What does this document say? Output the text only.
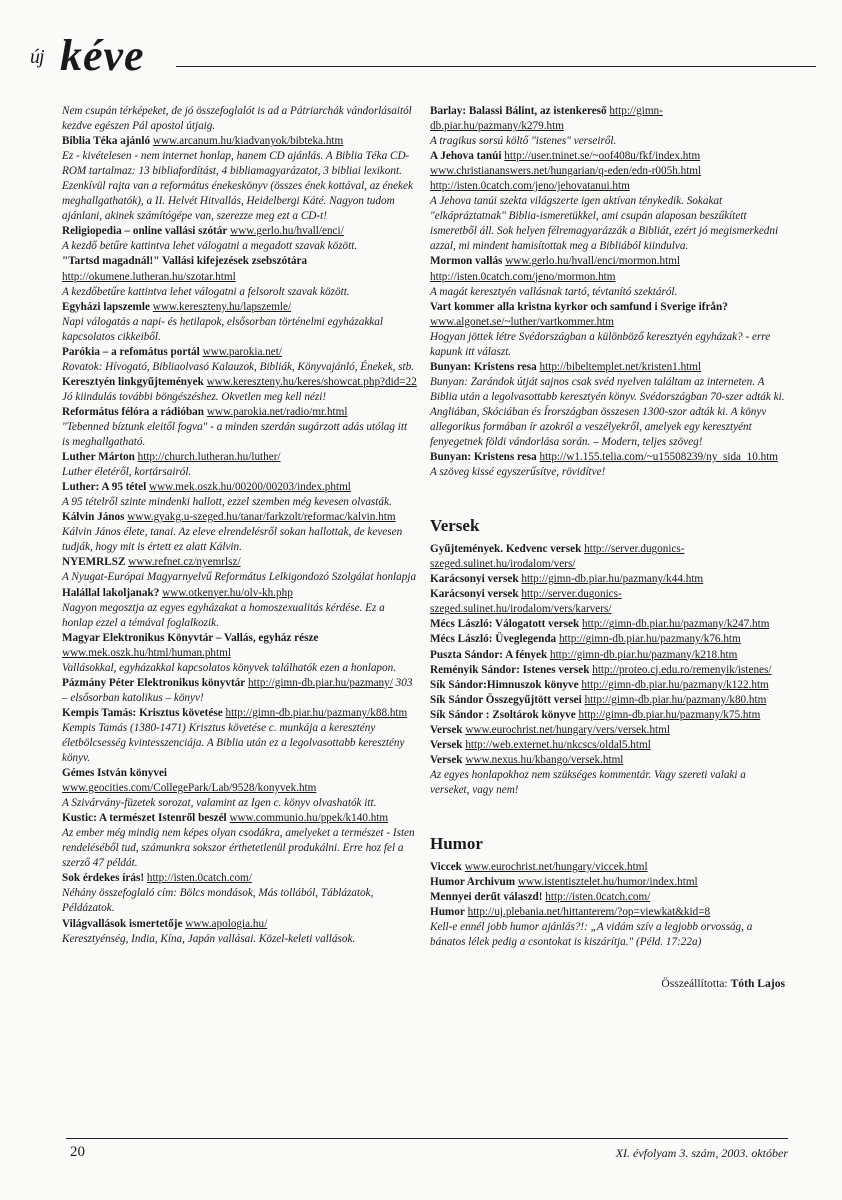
új kéve

Nem csupán térképeket, de jó összefoglalót is ad a Pátriarchák vándorlásaitól kezdve egészen Pál apostol útjaig.

Biblia Téka ajánló www.arcanum.hu/kiadvanyok/bibteka.htm
Ez - kivételesen - nem internet honlap, hanem CD ajánlás. A Biblia Téka CD-ROM tartalmaz: 13 bibliafordítást, 4 bibliamagyarázatot, 3 bibliai lexikont. Ezenkívül rajta van a református énekeskönyv (összes ének kottával, az énekek meghallgathatók), a II. Helvét Hitvallás, Heidelbergi Káté. Nagyon tudom ajánlani, akinek számítógépe van, szerezze meg ezt a CD-t!

Religiopedia – online vallási szótár www.gerlo.hu/hvall/enci/
A kezdő betűre kattintva lehet válogatni a megadott szavak között.

"Tartsd magadnál!" Vallási kifejezések zsebszótára http://okumene.lutheran.hu/szotar.html
A kezdőbetűre kattintva lehet válogatni a felsorolt szavak között.

Egyházi lapszemle www.kereszteny.hu/lapszemle/
Napi válogatás a napi- és hetilapok, elsősorban történelmi egyházakkal kapcsolatos cikkeiből.

Parókia – a refomátus portál www.parokia.net/
Rovatok: Hívogató, Bibliaolvasó Kalauzok, Bibliák, Könyvajánló, Énekek, stb.

Keresztyén linkgyűjtemények www.kereszteny.hu/keres/showcat.php?did=22
Jó kiindulás további böngészéshez. Okvetlen meg kell nézi!

Református félóra a rádióban www.parokia.net/radio/mr.html
"Tebenned bíztunk eleitől fogva" - a minden szerdán sugárzott adás utólag itt is meghallgatható.

Luther Márton http://church.lutheran.hu/luther/
Luther életéről, kortársairól.

Luther: A 95 tétel www.mek.oszk.hu/00200/00203/index.phtml
A 95 tételről szinte mindenki hallott, ezzel szemben még kevesen olvasták.

Kálvin János www.gyakg.u-szeged.hu/tanar/farkzolt/reformac/kalvin.htm
Kálvin János élete, tanai. Az eleve elrendelésről sokan hallottak, de kevesen tudják, hogy mit is értett ez alatt Kálvin.

NYEMRLSZ www.refnet.cz/nyemrlsz/
A Nyugat-Európai Magyarnyelvű Református Lelkigondozó Szolgálat honlapja

Halállal lakoljanak? www.otkenyer.hu/olv-kh.php
Nagyon megosztja az egyes egyházakat a homoszexualitás kérdése. Ez a honlap ezzel a témával foglalkozik.

Magyar Elektronikus Könyvtár – Vallás, egyház része www.mek.oszk.hu/html/human.phtml
Vallásokkal, egyházakkal kapcsolatos könyvek találhatók ezen a honlapon.

Pázmány Péter Elektronikus könyvtár http://gimn-db.piar.hu/pazmany/ 303 – elsősorban katolikus – könyv!

Kempis Tamás: Krisztus követése http://gimn-db.piar.hu/pazmany/k88.htm
Kempis Tamás (1380-1471) Krisztus követése c. munkája a keresztény életbölcsesség kvintesszenciája. A Biblia után ez a legolvasottabb keresztény könyv.

Gémes István könyvei www.geocities.com/CollegePark/Lab/9528/konyvek.htm
A Szivárvány-füzetek sorozat, valamint az Igen c. könyv olvashatók itt.

Kustic: A természet Istenről beszél www.communio.hu/ppek/k140.htm
Az ember még mindig nem képes olyan csodákra, amelyeket a természet - Isten rendeléséből tud, számunkra sokszor érthetetlenül produkálni. Erre hoz fel a szerző 47 példát.

Sok érdekes írás! http://isten.0catch.com/
Néhány összefoglaló cím: Bölcs mondások, Más tollából, Táblázatok, Példázatok.

Világvallások ismertetője www.apologia.hu/
Keresztyénség, India, Kína, Japán vallásai. Közel-keleti vallások.

Barlay: Balassi Bálint, az istenkereső http://gimn-db.piar.hu/pazmany/k279.htm
A tragikus sorsú költő "istenes" verseiről.

A Jehova tanúi http://user.tninet.se/~oof408u/fkf/index.htm
www.christiananswers.net/hungarian/q-eden/edn-r005h.html
http://isten.0catch.com/jeno/jehovatanui.htm
A Jehova tanúi szekta világszerte igen aktívan ténykedik. Sokakat "elkápráztatnak" Biblia-ismeretükkel, ami csupán alaposan beszűkített ismeretből áll. Sok helyen félremagyarázzák a Bibliát, ezért jó megismerkedni azzal, mi mindent hamisítottak meg a Bibliából kiindulva.

Mormon vallás www.gerlo.hu/hvall/enci/mormon.html
http://isten.0catch.com/jeno/mormon.htm
A magát keresztyén vallásnak tartó, tévtanító szektáról.

Vart kommer alla kristna kyrkor och samfund i Sverige ifrån? www.algonet.se/~luther/vartkommer.htm
Hogyan jöttek létre Svédországban a különböző keresztyén egyházak? - erre kapunk itt választ.

Bunyan: Kristens resa http://bibeltemplet.net/kristen1.html
Bunyan: Zarándok útját sajnos csak svéd nyelven találtam az interneten. A Biblia után a legolvasottabb keresztyén könyv. Svédországban 70-szer adták ki. Angliában, Skóciában és Írországban összesen 1300-szor adták ki. A könyv allegorikus formában ír azokról a veszélyekről, amelyek egy keresztyént fenyegetnek földi vándorlása során. – Modern, teljes szöveg!

Bunyan: Kristens resa http://w1.155.telia.com/~u15508239/ny_sida_10.htm
A szöveg kissé egyszerűsítve, rövidítve!

Versek

Gyűjtemények. Kedvenc versek http://server.dugonics-szeged.sulinet.hu/irodalom/vers/

Karácsonyi versek http://gimn-db.piar.hu/pazmany/k44.htm

Karácsonyi versek http://server.dugonics-szeged.sulinet.hu/irodalom/vers/karvers/

Mécs László: Válogatott versek http://gimn-db.piar.hu/pazmany/k247.htm

Mécs László: Üveglegenda http://gimn-db.piar.hu/pazmany/k76.htm

Puszta Sándor: A fények http://gimn-db.piar.hu/pazmany/k218.htm

Reményik Sándor: Istenes versek http://proteo.cj.edu.ro/remenyik/istenes/

Sík Sándor:Himnuszok könyve http://gimn-db.piar.hu/pazmany/k122.htm

Sík Sándor Összegyűjtött versei http://gimn-db.piar.hu/pazmany/k80.htm

Sík Sándor : Zsoltárok könyve http://gimn-db.piar.hu/pazmany/k75.htm

Versek www.eurochrist.net/hungary/vers/versek.html

Versek http://web.externet.hu/nkcscs/oldal5.html

Versek www.nexus.hu/kbango/versek.html
Az egyes honlapokhoz nem szükséges kommentár. Vagy szereti valaki a verseket, vagy nem!

Humor

Viccek www.eurochrist.net/hungary/viccek.html

Humor Archivum www.istentisztelet.hu/humor/index.html

Mennyei derűt válaszd! http://isten.0catch.com/

Humor http://uj.plebania.net/hittanterem/?op=viewkat&kid=8
Kell-e ennél jobb humor ajánlás?!: „A vidám szív a legjobb orvosság, a bánatos lélek pedig a csontokat is kiszárítja." (Péld. 17:22a)

Összeállította: Tóth Lajos
20	XI. évfolyam 3. szám, 2003. október
